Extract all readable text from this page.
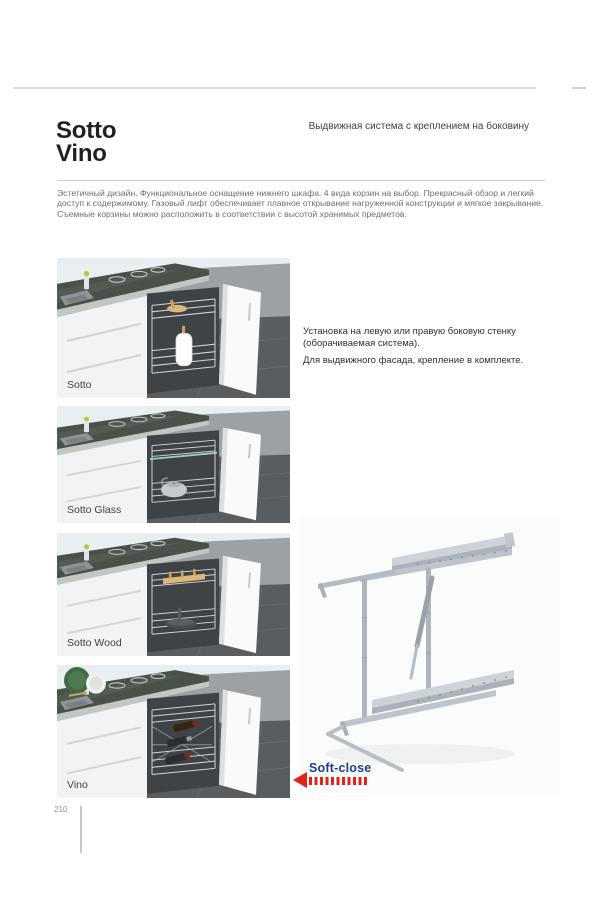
Sotto
Vino
Выдвижная система с креплением на боковину

Эстетичный дизайн. Функциональное оснащение нижнего шкафа. 4 вида корзин на выбор. Прекрасный обзор и легкий доступ к содержимому. Газовый лифт обеспечивает плавное открывание нагруженной конструкции и мягкое закрывание. Съемные корзины можно расположить в соответствии с высотой хранимых предметов.

Sotto
Sotto Glass
Sotto Wood
Vino

Установка на левую или правую боковую стенку (оборачиваемая система).

Для выдвижного фасада, крепление в комплекте.

Soft-close
210
